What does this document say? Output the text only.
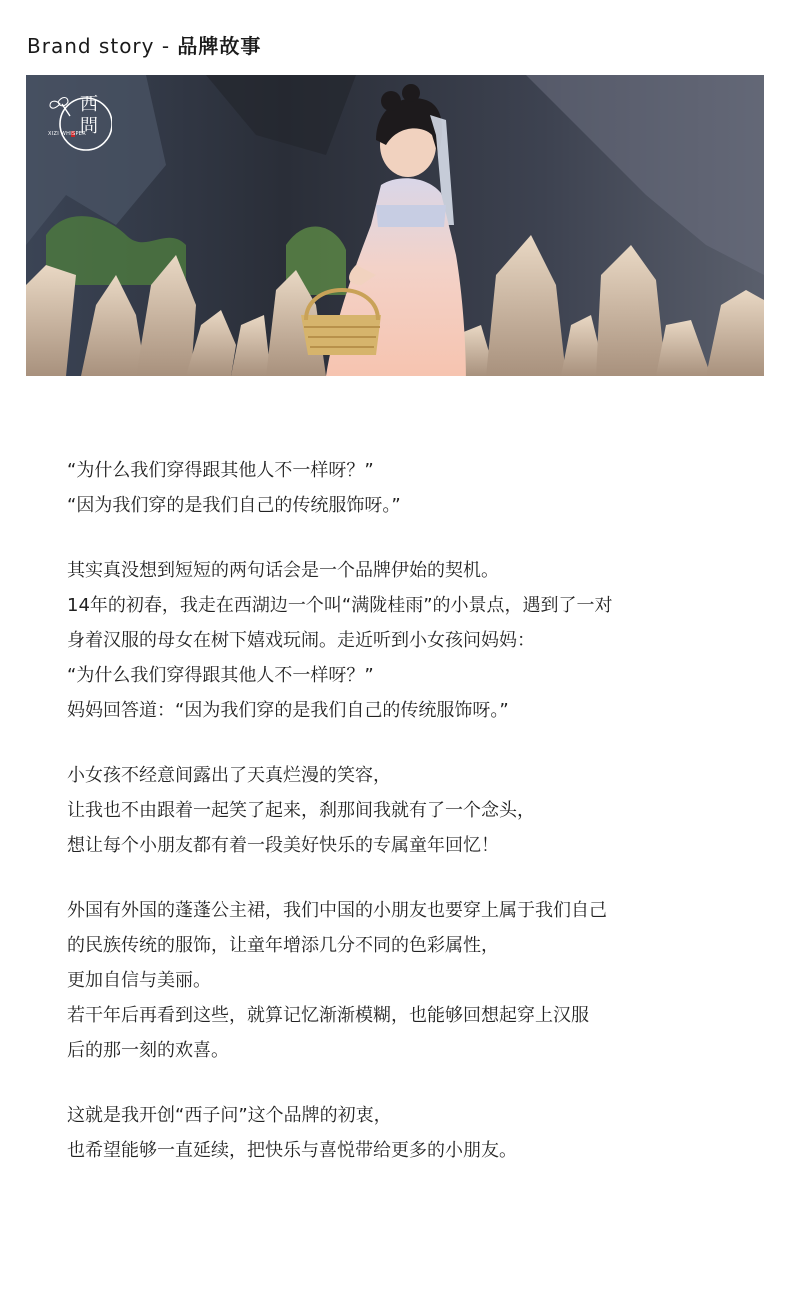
Brand story - 品牌故事
西
問
XIZI WHISPER
“为什么我们穿得跟其他人不一样呀？”
“因为我们穿的是我们自己的传统服饰呀。”
其实真没想到短短的两句话会是一个品牌伊始的契机。
14年的初春，我走在西湖边一个叫“满陇桂雨”的小景点，遇到了一对
身着汉服的母女在树下嬉戏玩闹。走近听到小女孩问妈妈：
“为什么我们穿得跟其他人不一样呀？”
妈妈回答道：“因为我们穿的是我们自己的传统服饰呀。”
小女孩不经意间露出了天真烂漫的笑容，
让我也不由跟着一起笑了起来，刹那间我就有了一个念头，
想让每个小朋友都有着一段美好快乐的专属童年回忆！
外国有外国的蓬蓬公主裙，我们中国的小朋友也要穿上属于我们自己
的民族传统的服饰，让童年增添几分不同的色彩属性，
更加自信与美丽。
若干年后再看到这些，就算记忆渐渐模糊，也能够回想起穿上汉服
后的那一刻的欢喜。
这就是我开创“西子问”这个品牌的初衷，
也希望能够一直延续，把快乐与喜悦带给更多的小朋友。
